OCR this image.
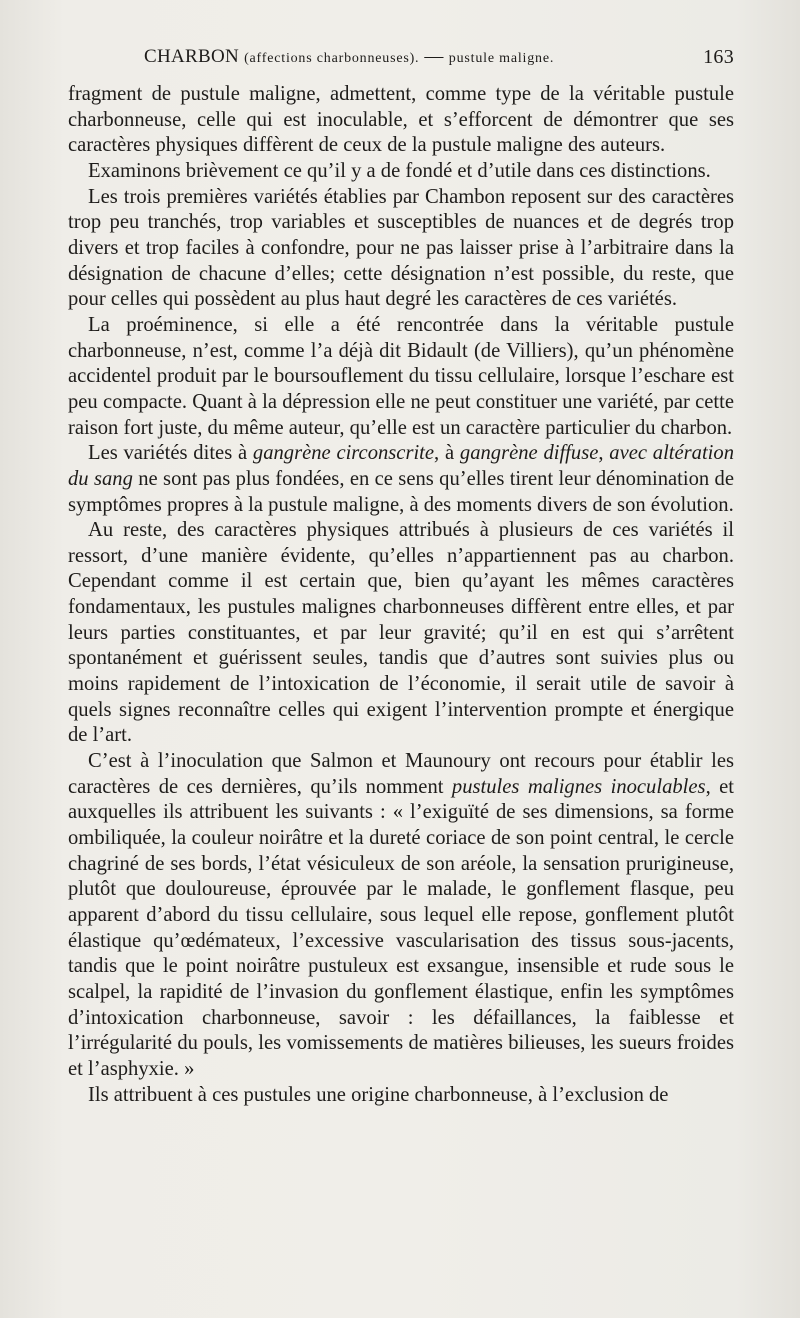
CHARBON (affections charbonneuses). — pustule maligne.	163

fragment de pustule maligne, admettent, comme type de la véritable pustule charbonneuse, celle qui est inoculable, et s’efforcent de démontrer que ses caractères physiques diffèrent de ceux de la pustule maligne des auteurs.

Examinons brièvement ce qu’il y a de fondé et d’utile dans ces distinctions.

Les trois premières variétés établies par Chambon reposent sur des caractères trop peu tranchés, trop variables et susceptibles de nuances et de degrés trop divers et trop faciles à confondre, pour ne pas laisser prise à l’arbitraire dans la désignation de chacune d’elles; cette désignation n’est possible, du reste, que pour celles qui possèdent au plus haut degré les caractères de ces variétés.

La proéminence, si elle a été rencontrée dans la véritable pustule charbonneuse, n’est, comme l’a déjà dit Bidault (de Villiers), qu’un phénomène accidentel produit par le boursouflement du tissu cellulaire, lorsque l’eschare est peu compacte. Quant à la dépression elle ne peut constituer une variété, par cette raison fort juste, du même auteur, qu’elle est un caractère particulier du charbon.

Les variétés dites à gangrène circonscrite, à gangrène diffuse, avec altération du sang ne sont pas plus fondées, en ce sens qu’elles tirent leur dénomination de symptômes propres à la pustule maligne, à des moments divers de son évolution.

Au reste, des caractères physiques attribués à plusieurs de ces variétés il ressort, d’une manière évidente, qu’elles n’appartiennent pas au charbon. Cependant comme il est certain que, bien qu’ayant les mêmes caractères fondamentaux, les pustules malignes charbonneuses diffèrent entre elles, et par leurs parties constituantes, et par leur gravité; qu’il en est qui s’arrêtent spontanément et guérissent seules, tandis que d’autres sont suivies plus ou moins rapidement de l’intoxication de l’économie, il serait utile de savoir à quels signes reconnaître celles qui exigent l’intervention prompte et énergique de l’art.

C’est à l’inoculation que Salmon et Maunoury ont recours pour établir les caractères de ces dernières, qu’ils nomment pustules malignes inoculables, et auxquelles ils attribuent les suivants : « l’exiguïté de ses dimensions, sa forme ombiliquée, la couleur noirâtre et la dureté coriace de son point central, le cercle chagriné de ses bords, l’état vésiculeux de son aréole, la sensation prurigineuse, plutôt que douloureuse, éprouvée par le malade, le gonflement flasque, peu apparent d’abord du tissu cellulaire, sous lequel elle repose, gonflement plutôt élastique qu’œdémateux, l’excessive vascularisation des tissus sous-jacents, tandis que le point noirâtre pustuleux est exsangue, insensible et rude sous le scalpel, la rapidité de l’invasion du gonflement élastique, enfin les symptômes d’intoxication charbonneuse, savoir : les défaillances, la faiblesse et l’irrégularité du pouls, les vomissements de matières bilieuses, les sueurs froides et l’asphyxie. »

Ils attribuent à ces pustules une origine charbonneuse, à l’exclusion de
